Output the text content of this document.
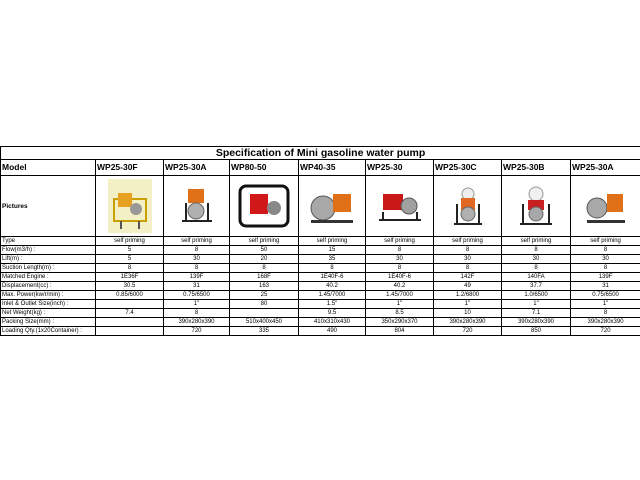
Specification of Mini gasoline water pump								
Model	WP25-30F	WP25-30A	WP80-50	WP40-35	WP25-30	WP25-30C	WP25-30B	WP25-30A
Pictures	

Type	self priming	self priming	self priming	self priming	self priming	self priming	self priming	self priming
Flow(m3/h) :	5	8	50	15	8	8	8	8
Lift(m) :	5	30	20	35	30	30	30	30
Suction Length(m) :	8	8	8	8	8	8	8	8
Matched Engine :	1E36F	139F	168F	1E40F-6	1E40F-6	142F	140FA	139F
Displacement(cc) :	30.5	31	163	40.2	40.2	49	37.7	31
Max. Power(kw/r/min) :	0.85/6000	0.75/6500	25	1.45/7000	1.45/7000	1.2/6800	1.0/6500	0.75/6500
Inlet & Outlet Size(inch) :		1"	80	1.5"	1"	1"	1"	1"
Net Weight(kg) :	7.4	8		9.5	8.5	10	7.1	8
Packing Size(mm) :		390x280x390	510x400x450	410x310x430	350x290x370	390x280x390	390x280x390	390x280x390
Loading Qty.(1x20Container) :		720	335	490	804	720	850	720
